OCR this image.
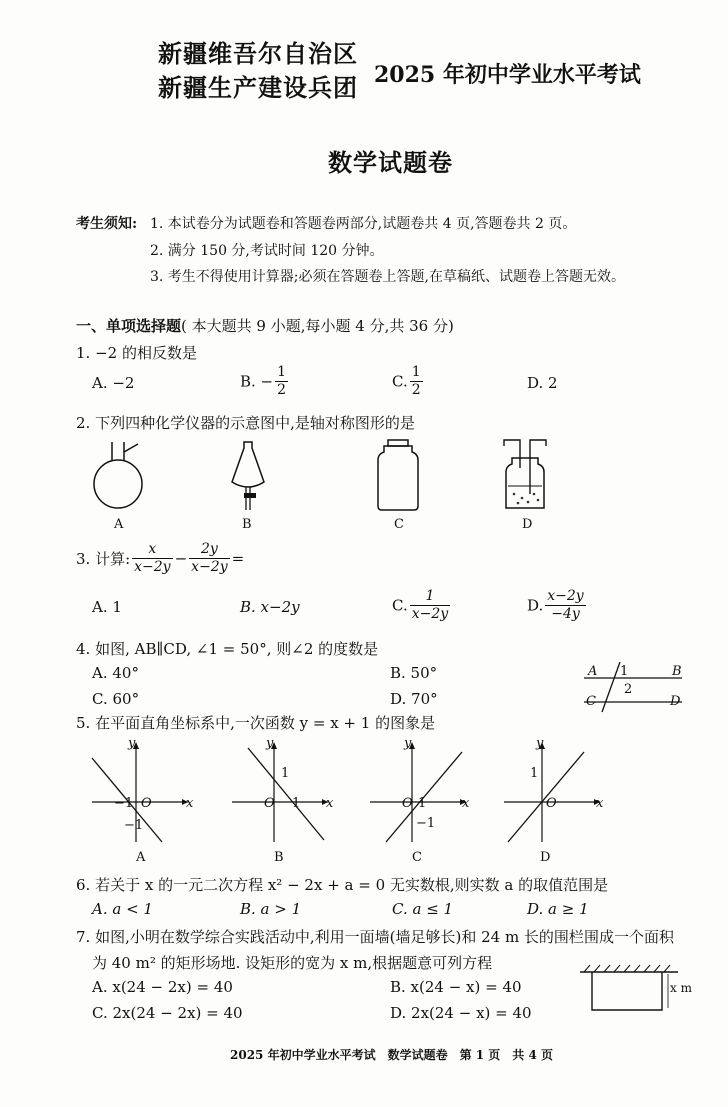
新疆维吾尔自治区
新疆生产建设兵团 2025 年初中学业水平考试
数学试题卷
考生须知: 1. 本试卷分为试题卷和答题卷两部分,试题卷共 4 页,答题卷共 2 页。
2. 满分 150 分,考试时间 120 分钟。
3. 考生不得使用计算器;必须在答题卷上答题,在草稿纸、试题卷上答题无效。
一、单项选择题( 本大题共 9 小题,每小题 4 分,共 36 分)
1. −2 的相反数是
A. −2	B. − $\frac{1}{2}$	C. $\frac{1}{2}$	D. 2
2. 下列四种化学仪器的示意图中,是轴对称图形的是
A	B	C	D
3. 计算: $\frac{x}{x-2y} - \frac{2y}{x-2y}$ =
A. 1	B. x−2y	C. $\frac{1}{x-2y}$	D. $\frac{x-2y}{-4y}$
4. 如图, AB∥CD, ∠1 = 50°, 则∠2 的度数是
A. 40°	B. 50°
C. 60°	D. 70°
A	B
C	D
1
2
5. 在平面直角坐标系中,一次函数 y = x + 1 的图象是
y
x
O
−1
−1
A
y
x
O
1
1
B
y
x
O 1
−1
C
y
x
O
1
D
6. 若关于 x 的一元二次方程 x² − 2x + a = 0 无实数根,则实数 a 的取值范围是
A. a < 1	B. a > 1	C. a ≤ 1	D. a ≥ 1
7. 如图,小明在数学综合实践活动中,利用一面墙(墙足够长)和 24 m 长的围栏围成一个面积
为 40 m² 的矩形场地. 设矩形的宽为 x m,根据题意可列方程
A. x(24 − 2x) = 40	B. x(24 − x) = 40
C. 2x(24 − 2x) = 40	D. 2x(24 − x) = 40
x m
2025 年初中学业水平考试　数学试题卷　第 1 页　共 4 页
